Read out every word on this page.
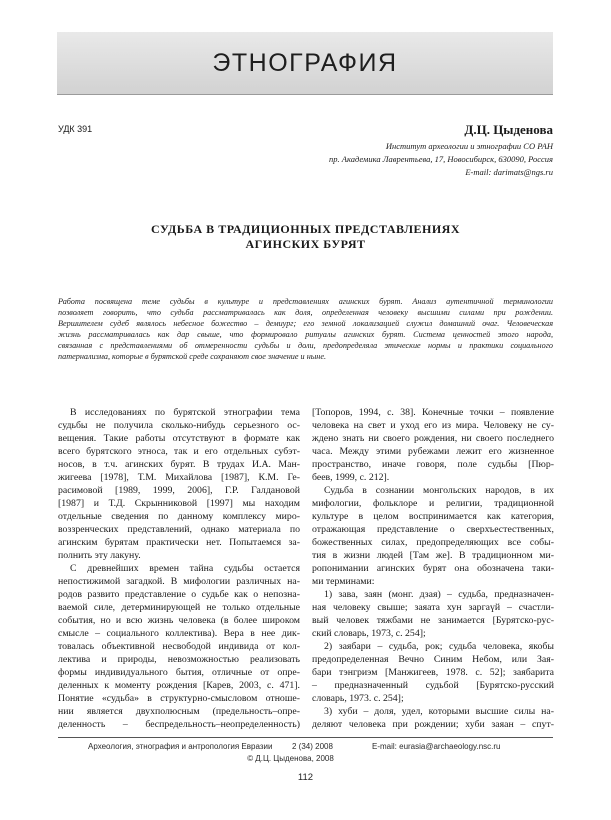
ЭТНОГРАФИЯ
УДК 391	Д.Ц. Цыденова
Институт археологии и этнографии СО РАН
пр. Академика Лаврентьева, 17, Новосибирск, 630090, Россия
E-mail: darimats@ngs.ru
СУДЬБА В ТРАДИЦИОННЫХ ПРЕДСТАВЛЕНИЯХ
АГИНСКИХ БУРЯТ
Работа посвящена теме судьбы в культуре и представлениях агинских бурят. Анализ аутентичной терминологии
позволяет говорить, что судьба рассматривалась как доля, определенная человеку высшими силами при рождении.
Вершителем судеб являлось небесное божество – демиург; его земной локализацией служил домашний очаг. Человеческая
жизнь рассматривалась как дар свыше, что формировало ритуалы агинских бурят. Система ценностей этого народа,
связанная с представлениями об отмеренности судьбы и доли, предопределяла этические нормы и практики социального
патернализма, которые в бурятской среде сохраняют свое значение и ныне.
В исследованиях по бурятской этнографии тема
судьбы не получила сколько-нибудь серьезного ос-
вещения. Такие работы отсутствуют в формате как
всего бурятского этноса, так и его отдельных субэт-
носов, в т.ч. агинских бурят. В трудах И.А. Ман-
жигеева [1978], Т.М. Михайлова [1987], К.М. Ге-
расимовой [1989, 1999, 2006], Г.Р. Галдановой
[1987] и Т.Д. Скрынниковой [1997] мы находим
отдельные сведения по данному комплексу миро-
воззренческих представлений, однако материала по
агинским бурятам практически нет. Попытаемся за-
полнить эту лакуну.
С древнейших времен тайна судьбы остается
непостижимой загадкой. В мифологии различных на-
родов развито представление о судьбе как о непозна-
ваемой силе, детерминирующей не только отдельные
события, но и всю жизнь человека (в более широком
смысле – социального коллектива). Вера в нее дик-
товалась объективной несвободой индивида от кол-
лектива и природы, невозможностью реализовать
формы индивидуального бытия, отличные от опре-
деленных к моменту рождения [Карев, 2003, с. 471].
Понятие «судьба» в структурно-смысловом отноше-
нии является двухполюсным (предельность–опре-
деленность – беспредельность–неопределенность)
[Топоров, 1994, с. 38]. Конечные точки – появление
человека на свет и уход его из мира. Человеку не су-
ждено знать ни своего рождения, ни своего последнего
часа. Между этими рубежами лежит его жизненное
пространство, иначе говоря, поле судьбы [Пюр-
беев, 1999, с. 212].
Судьба в сознании монгольских народов, в их
мифологии, фольклоре и религии, традиционной
культуре в целом воспринимается как категория,
отражающая представление о сверхъестественных,
божественных силах, предопределяющих все собы-
тия в жизни людей [Там же]. В традиционном ми-
ропонимании агинских бурят она обозначена таки-
ми терминами:
1) зава, заян (монг. дзая) – судьба, предназначен-
ная человеку свыше; заяата хун заргаүй – счастли-
вый человек тяжбами не занимается [Бурятско-рус-
ский словарь, 1973, с. 254];
2) заябари – судьба, рок; судьба человека, якобы
предопределенная Вечно Синим Небом, или Зая-
бари тэнгриэм [Манжигеев, 1978. с. 52]; заябарита
– предназначенный судьбой [Бурятско-русский
словарь, 1973. с. 254];
3) хуби – доля, удел, которыми высшие силы на-
деляют человека при рождении; хуби заяан – спут-
Археология, этнография и антропология Евразии 2 (34) 2008	E-mail: eurasia@archaeology.nsc.ru
© Д.Ц. Цыденова, 2008
112
